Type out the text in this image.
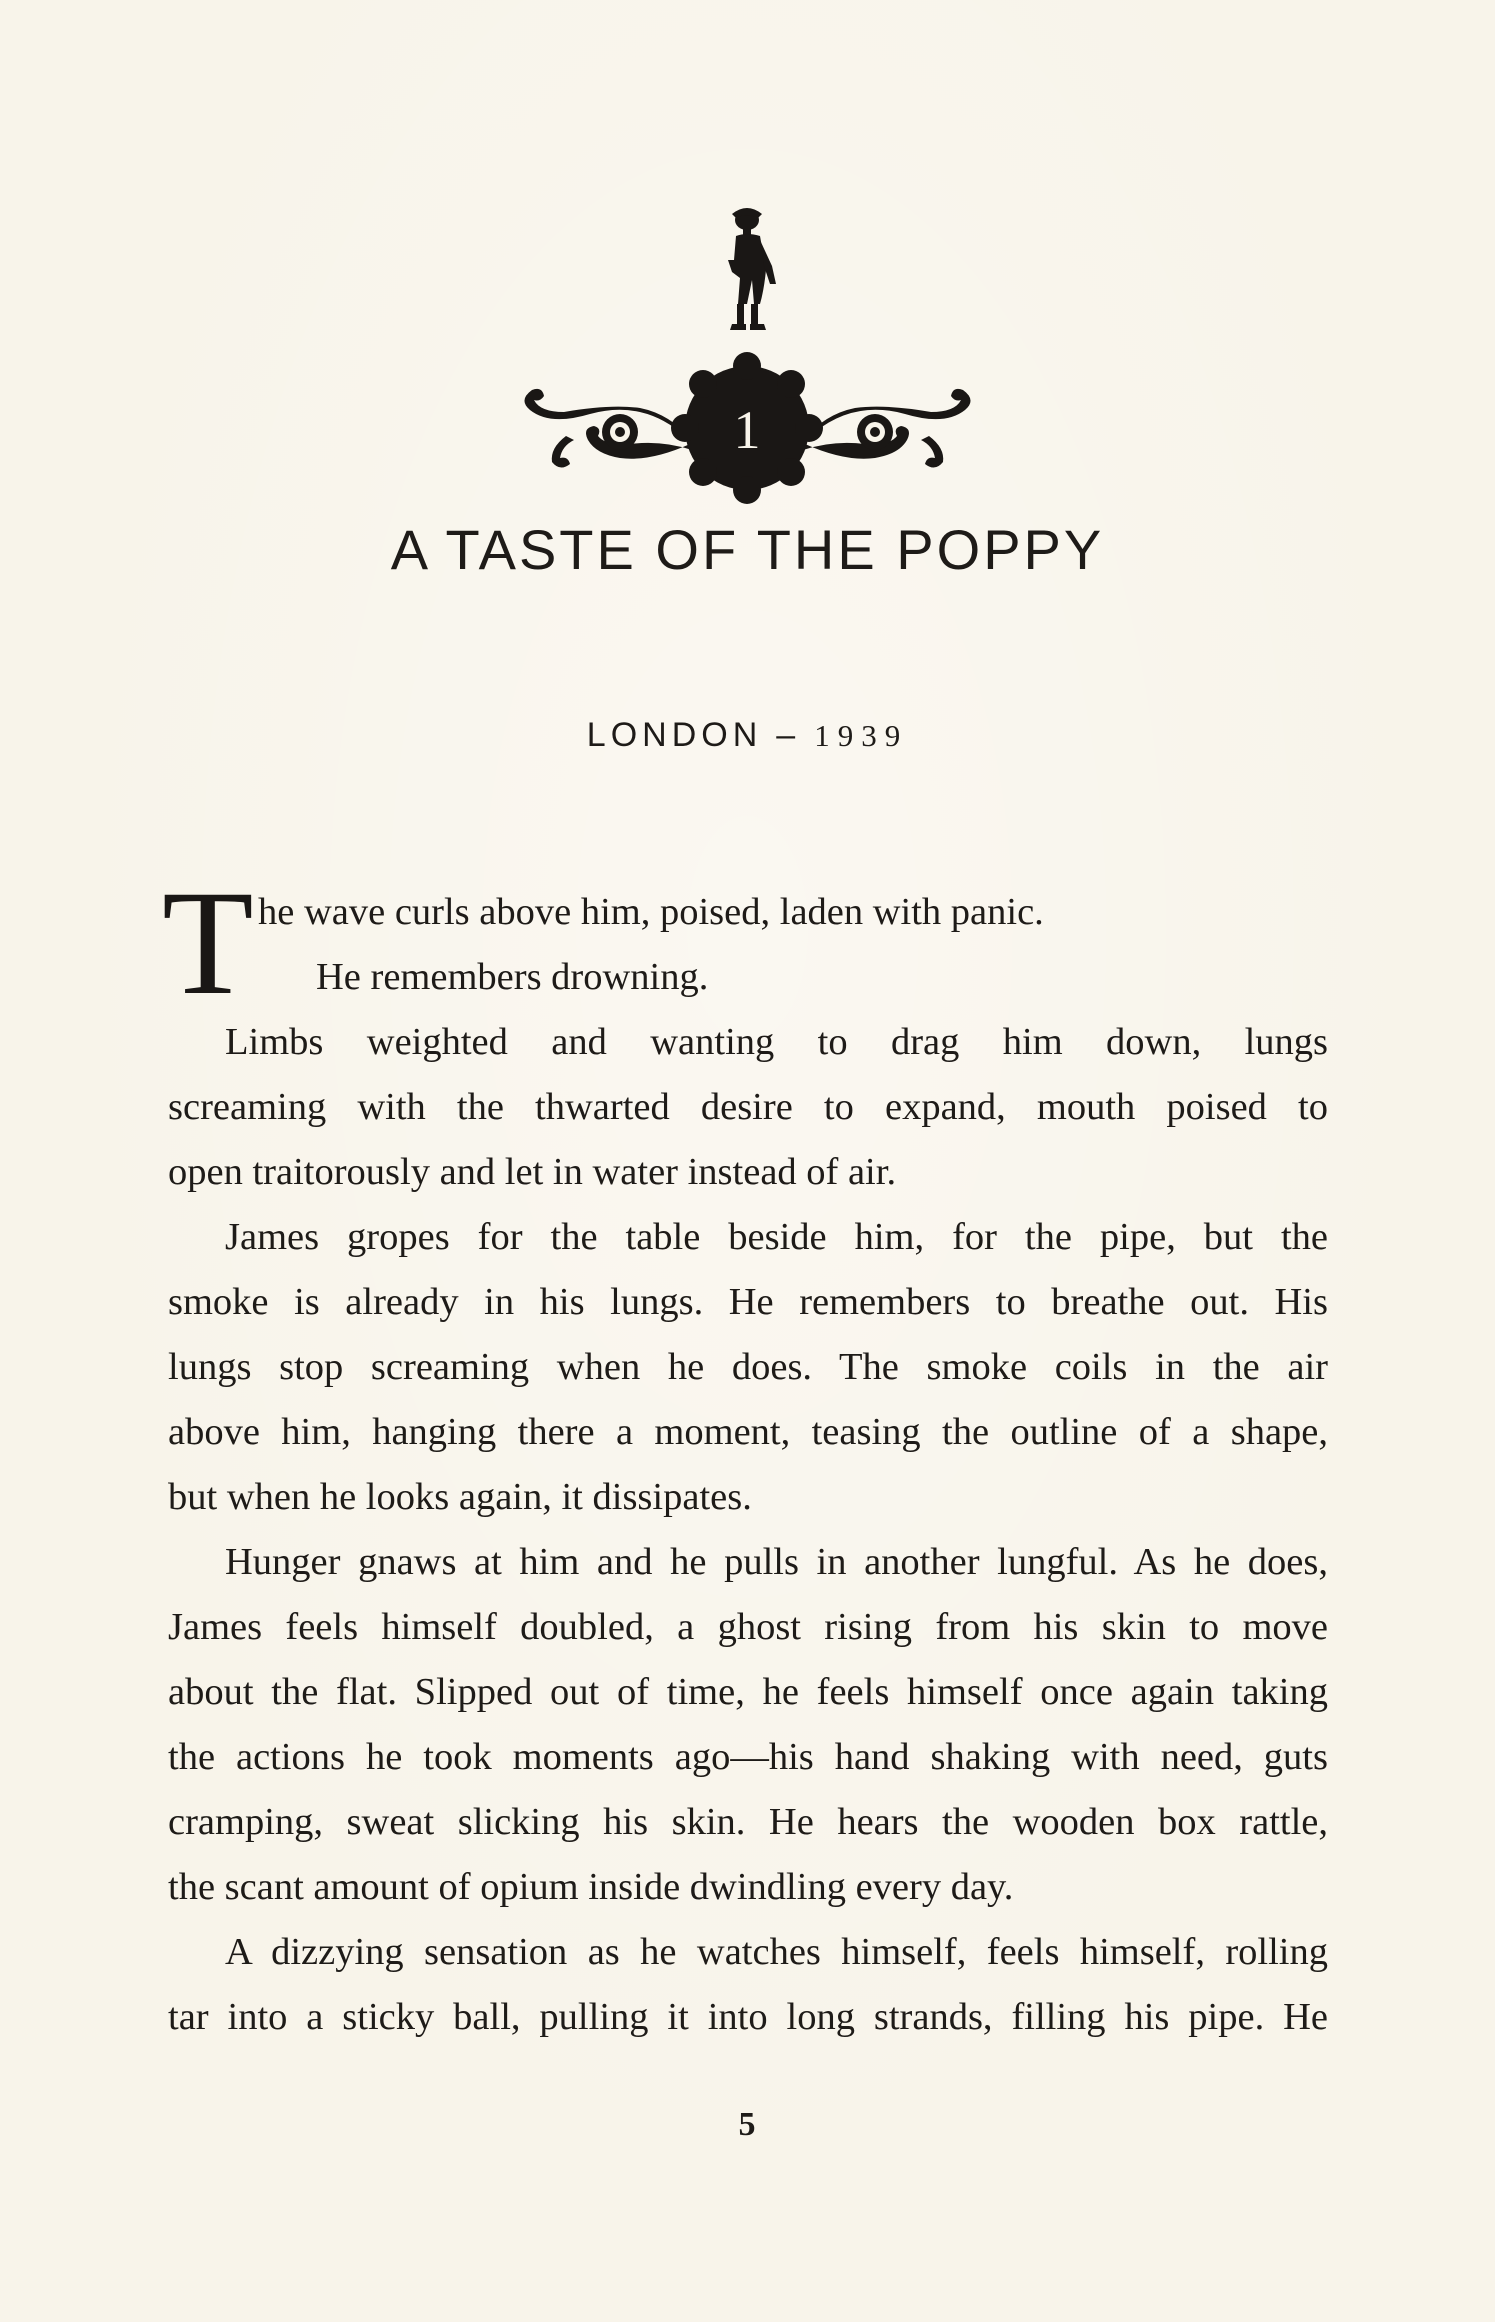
1
A TASTE OF THE POPPY
LONDON – 1939
T he wave curls above him, poised, laden with panic.
He remembers drowning.
Limbs weighted and wanting to drag him down, lungs
screaming with the thwarted desire to expand, mouth poised to
open traitorously and let in water instead of air.
James gropes for the table beside him, for the pipe, but the
smoke is already in his lungs. He remembers to breathe out. His
lungs stop screaming when he does. The smoke coils in the air
above him, hanging there a moment, teasing the outline of a shape,
but when he looks again, it dissipates.
Hunger gnaws at him and he pulls in another lungful. As he does,
James feels himself doubled, a ghost rising from his skin to move
about the flat. Slipped out of time, he feels himself once again taking
the actions he took moments ago—his hand shaking with need, guts
cramping, sweat slicking his skin. He hears the wooden box rattle,
the scant amount of opium inside dwindling every day.
A dizzying sensation as he watches himself, feels himself, rolling
tar into a sticky ball, pulling it into long strands, filling his pipe. He
5
